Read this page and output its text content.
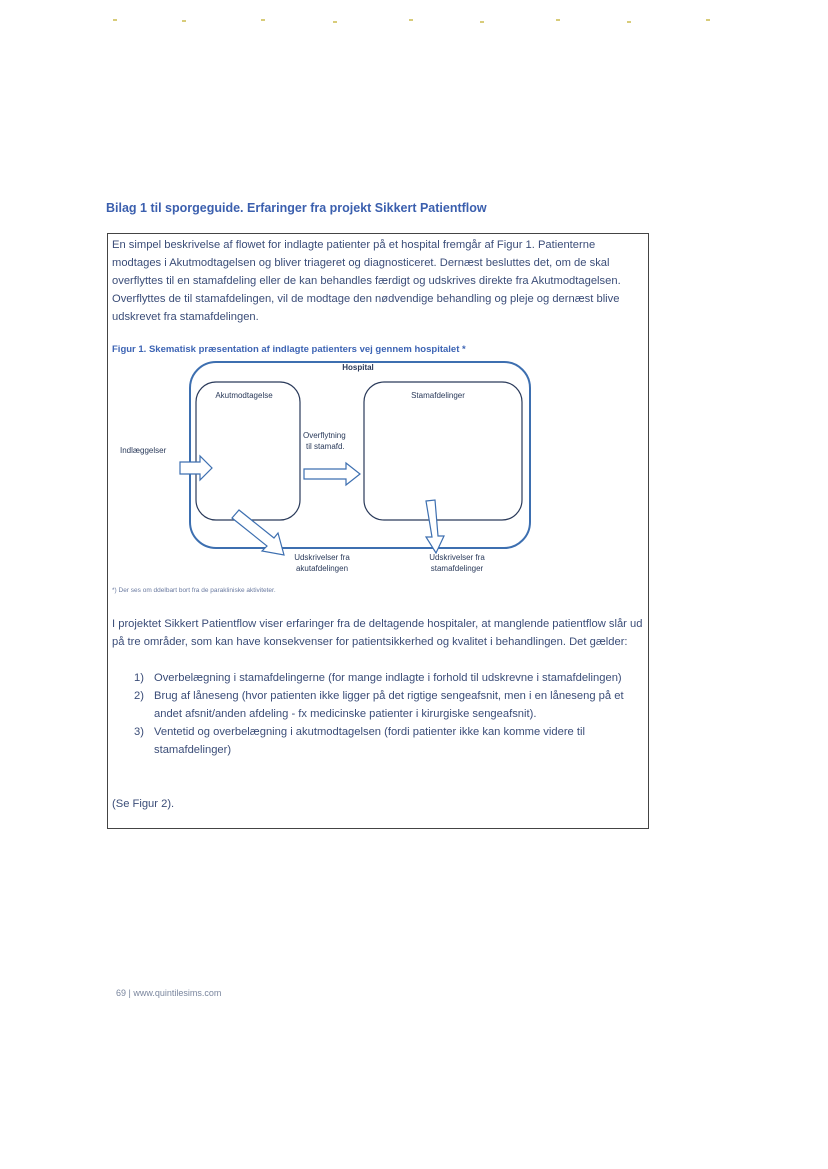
Bilag 1 til sporgeguide. Erfaringer fra projekt Sikkert Patientflow

En simpel beskrivelse af flowet for indlagte patienter på et hospital fremgår af Figur 1. Patienterne modtages i Akutmodtagelsen og bliver triageret og diagnosticeret. Dernæst besluttes det, om de skal overflyttes til en stamafdeling eller de kan behandles færdigt og udskrives direkte fra Akutmodtagelsen. Overflyttes de til stamafdelingen, vil de modtage den nødvendige behandling og pleje og dernæst blive udskrevet fra stamafdelingen.

Figur 1. Skematisk præsentation af indlagte patienters vej gennem hospitalet *
Hospital
Akutmodtagelse	Stamafdelinger
Indlæggelser
Overflytning
til stamafd.
Udskrivelser fra
akutafdelingen
Udskrivelser fra
stamafdelinger
*) Der ses om ddelbart bort fra de parakliniske aktiviteter.

I projektet Sikkert Patientflow viser erfaringer fra de deltagende hospitaler, at manglende patientflow slår ud på tre områder, som kan have konsekvenser for patientsikkerhed og kvalitet i behandlingen. Det gælder:

1) Overbelægning i stamafdelingerne (for mange indlagte i forhold til udskrevne i stamafdelingen)
2) Brug af låneseng (hvor patienten ikke ligger på det rigtige sengeafsnit, men i en låneseng på et andet afsnit/anden afdeling - fx medicinske patienter i kirurgiske sengeafsnit).
3) Ventetid og overbelægning i akutmodtagelsen (fordi patienter ikke kan komme videre til stamafdelinger)
(Se Figur 2).
69 | www.quintilesims.com
